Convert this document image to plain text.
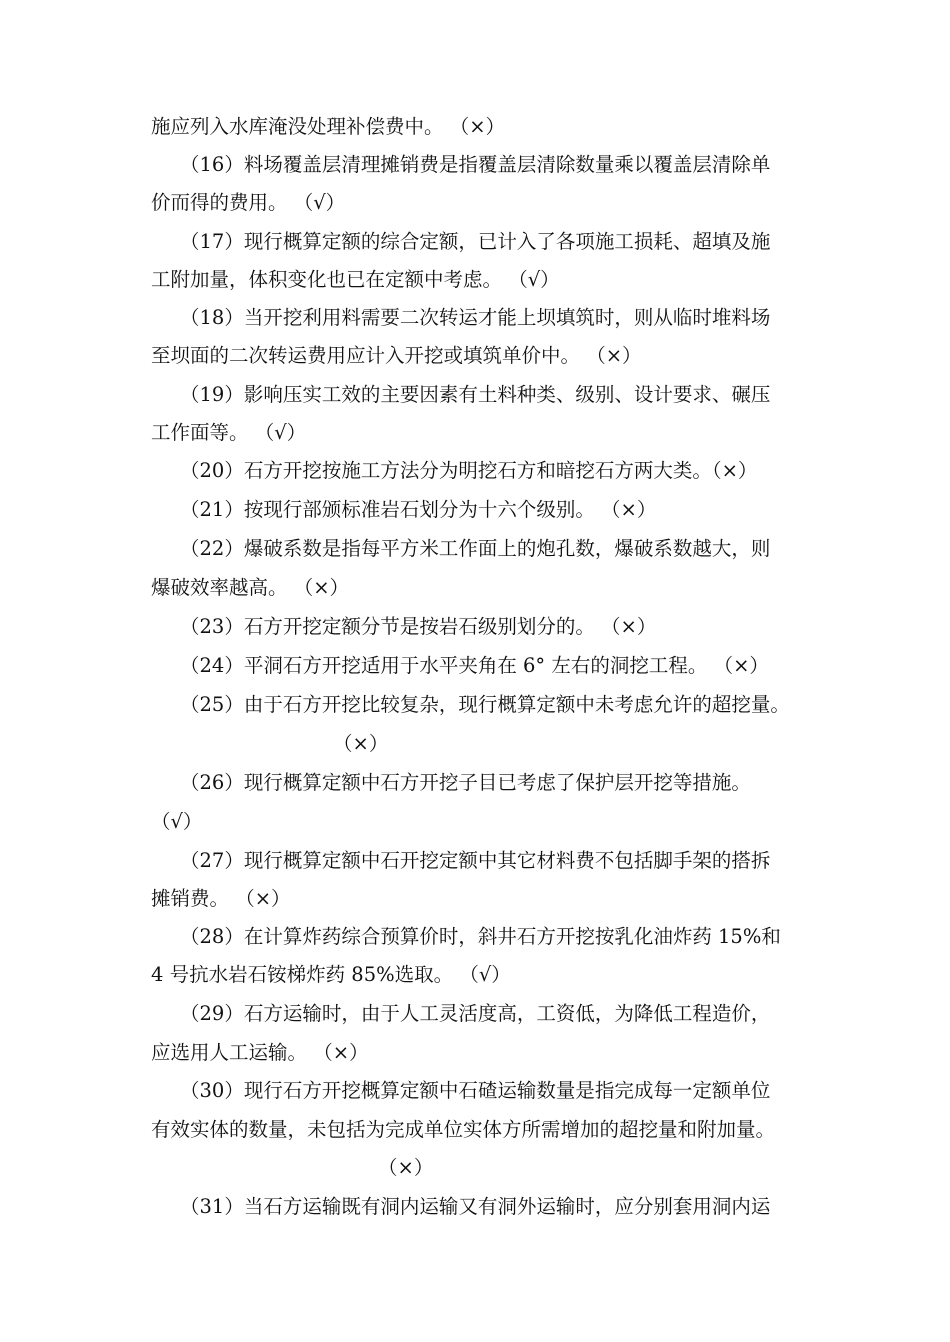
施应列入水库淹没处理补偿费中。 （×）

（16）料场覆盖层清理摊销费是指覆盖层清除数量乘以覆盖层清除单

价而得的费用。 （√）

（17）现行概算定额的综合定额，已计入了各项施工损耗、超填及施

工附加量，体积变化也已在定额中考虑。 （√）

（18）当开挖利用料需要二次转运才能上坝填筑时，则从临时堆料场

至坝面的二次转运费用应计入开挖或填筑单价中。 （×）

（19）影响压实工效的主要因素有土料种类、级别、设计要求、碾压

工作面等。 （√）

（20）石方开挖按施工方法分为明挖石方和暗挖石方两大类。（×）

（21）按现行部颁标准岩石划分为十六个级别。 （×）

（22）爆破系数是指每平方米工作面上的炮孔数，爆破系数越大，则

爆破效率越高。 （×）

（23）石方开挖定额分节是按岩石级别划分的。 （×）

（24）平洞石方开挖适用于水平夹角在 6° 左右的洞挖工程。 （×）

（25）由于石方开挖比较复杂，现行概算定额中未考虑允许的超挖量。

（×）

（26）现行概算定额中石方开挖子目已考虑了保护层开挖等措施。

（√）

（27）现行概算定额中石开挖定额中其它材料费不包括脚手架的搭拆

摊销费。 （×）

（28）在计算炸药综合预算价时，斜井石方开挖按乳化油炸药 15%和

4 号抗水岩石铵梯炸药 85%选取。 （√）

（29）石方运输时，由于人工灵活度高，工资低，为降低工程造价，

应选用人工运输。 （×）

（30）现行石方开挖概算定额中石碴运输数量是指完成每一定额单位

有效实体的数量，未包括为完成单位实体方所需增加的超挖量和附加量。

（×）

（31）当石方运输既有洞内运输又有洞外运输时，应分别套用洞内运
